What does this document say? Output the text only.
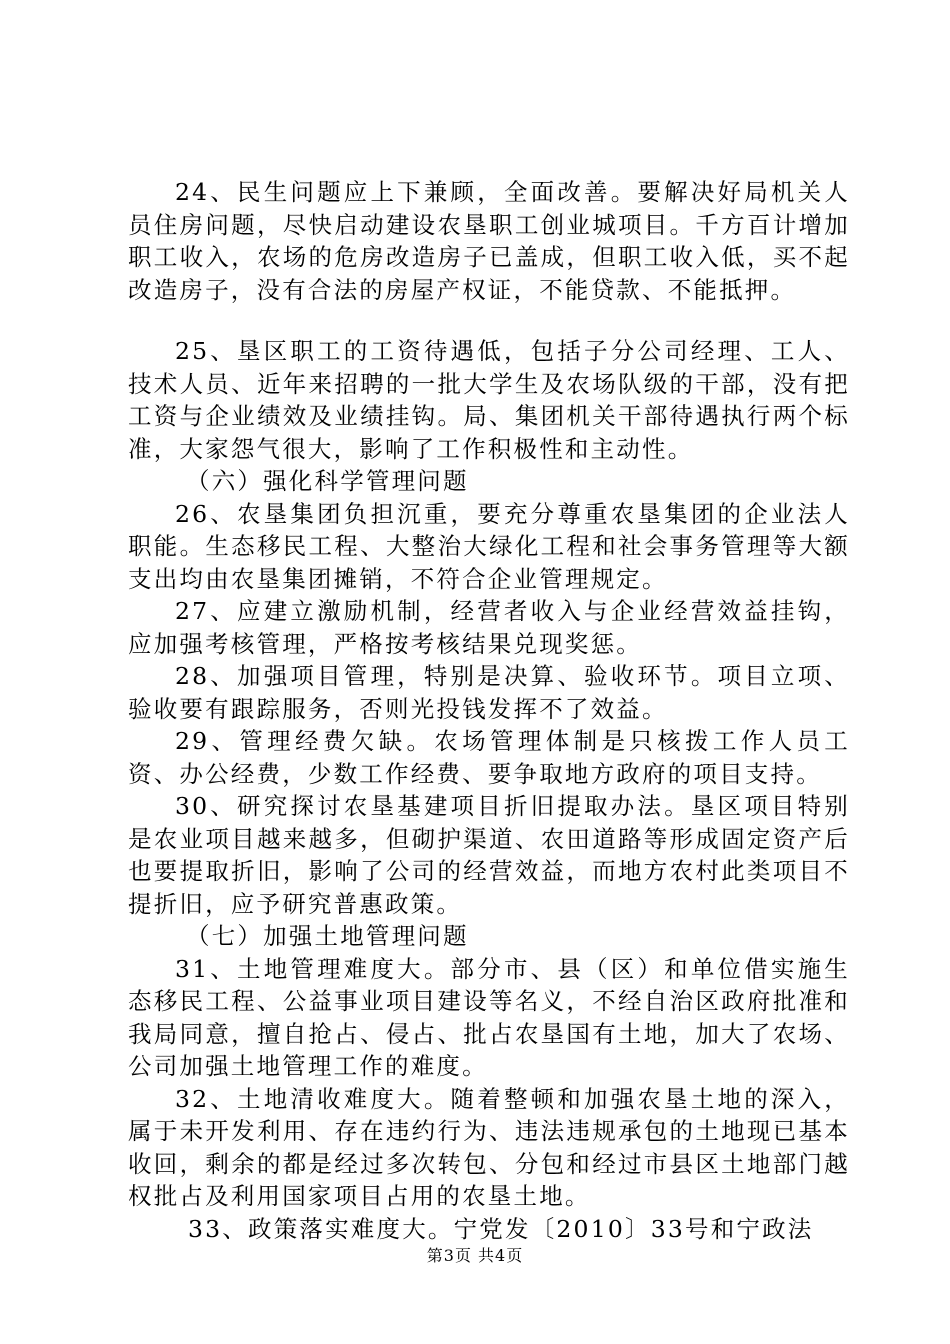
24、民生问题应上下兼顾，全面改善。要解决好局机关人员住房问题，尽快启动建设农垦职工创业城项目。千方百计增加职工收入，农场的危房改造房子已盖成，但职工收入低，买不起改造房子，没有合法的房屋产权证，不能贷款、不能抵押。

25、垦区职工的工资待遇低，包括子分公司经理、工人、技术人员、近年来招聘的一批大学生及农场队级的干部，没有把工资与企业绩效及业绩挂钩。局、集团机关干部待遇执行两个标准，大家怨气很大，影响了工作积极性和主动性。

（六）强化科学管理问题

26、农垦集团负担沉重，要充分尊重农垦集团的企业法人职能。生态移民工程、大整治大绿化工程和社会事务管理等大额支出均由农垦集团摊销，不符合企业管理规定。

27、应建立激励机制，经营者收入与企业经营效益挂钩，应加强考核管理，严格按考核结果兑现奖惩。

28、加强项目管理，特别是决算、验收环节。项目立项、验收要有跟踪服务，否则光投钱发挥不了效益。

29、管理经费欠缺。农场管理体制是只核拨工作人员工资、办公经费，少数工作经费、要争取地方政府的项目支持。

30、研究探讨农垦基建项目折旧提取办法。垦区项目特别是农业项目越来越多，但砌护渠道、农田道路等形成固定资产后也要提取折旧，影响了公司的经营效益，而地方农村此类项目不提折旧，应予研究普惠政策。

（七）加强土地管理问题

31、土地管理难度大。部分市、县（区）和单位借实施生态移民工程、公益事业项目建设等名义，不经自治区政府批准和我局同意，擅自抢占、侵占、批占农垦国有土地，加大了农场、公司加强土地管理工作的难度。

32、土地清收难度大。随着整顿和加强农垦土地的深入，属于未开发利用、存在违约行为、违法违规承包的土地现已基本收回，剩余的都是经过多次转包、分包和经过市县区土地部门越权批占及利用国家项目占用的农垦土地。

33、政策落实难度大。宁党发〔2010〕33号和宁政法

第3页 共4页
